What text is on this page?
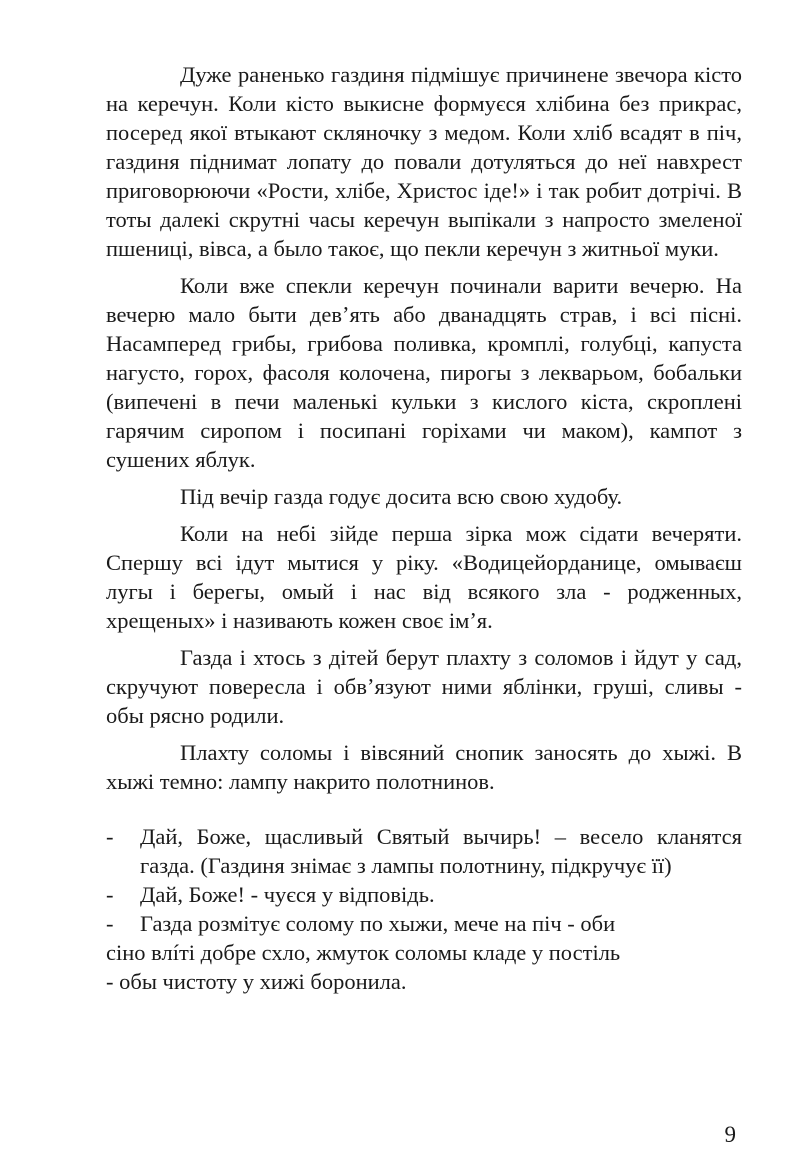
Дуже раненько газдиня підмішує причинене звечора кісто на керечун. Коли кісто выкисне формуєся хлібина без прикрас, посеред якої втыкают скляночку з медом. Коли хліб всадят в піч, газдиня піднимат лопату до повали дотуляться до неї навхрест приговорюючи «Рости, хлібе, Христос іде!» і так робит дотрічі. В тоты далекі скрутні часы керечун выпікали з напросто змеленої пшениці, вівса, а было такоє, що пекли керечун з житньої муки.

Коли вже спекли керечун починали варити вечерю. На вечерю мало быти девʼять або дванадцять страв, і всі пісні. Насамперед грибы, грибова поливка, кромплі, голубці, капуста нагусто, горох, фасоля колочена, пирогы з лекварьом, бобальки (випечені в печи маленькі кульки з кислого кіста, скроплені гарячим сиропом і посипані горіхами чи маком), кампот з сушених яблук.

Під вечір газда годує досита всю свою худобу.

Коли на небі зійде перша зірка мож сідати вечеряти. Спершу всі ідут мытися у ріку. «Водицейорданице, омываєш лугы і берегы, омый і нас від всякого зла - родженных, хрещеных» і називають кожен своє імʼя.

Газда і хтось з дітей берут плахту з соломов і йдут у сад, скручуют повересла і обвʼязуют ними яблінки, груші, сливы - обы рясно родили.

Плахту соломы і вівсяний снопик заносять до хыжі. В хыжі темно: лампу накрито полотнинов.

-	Дай, Боже, щасливый Святый вычирь! – весело кланятся газда. (Газдиня знімає з лампы полотнину, підкручує її)
-	Дай, Боже! - чуєся у відповідь.
-	Газда розмітує солому по хыжи, мече на піч - оби
сіно влíті добре схло, жмуток соломы кладе у постіль
- обы чистоту у хижі боронила.
9
